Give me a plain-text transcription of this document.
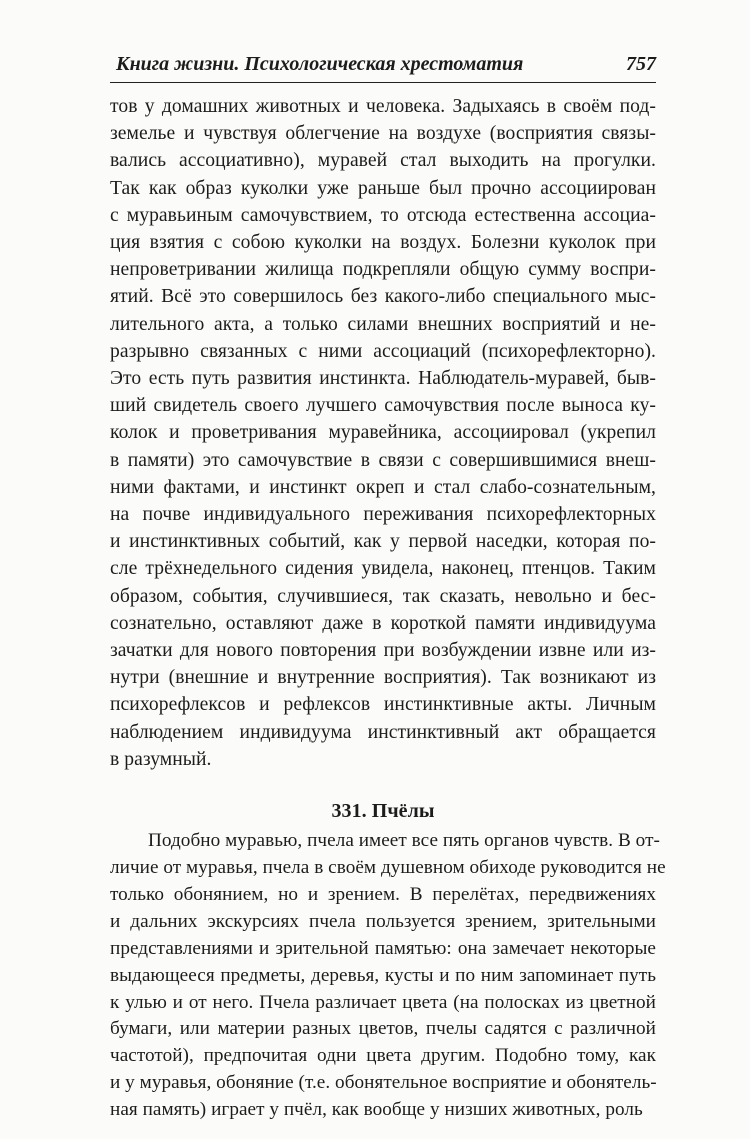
Книга жизни. Психологическая хрестоматия	757
тов у домашних животных и человека. Задыхаясь в своём под-
земелье и чувствуя облегчение на воздухе (восприятия связы-
вались ассоциативно), муравей стал выходить на прогулки.
Так как образ куколки уже раньше был прочно ассоциирован
с муравьиным самочувствием, то отсюда естественна ассоциа-
ция взятия с собою куколки на воздух. Болезни куколок при
непроветривании жилища подкрепляли общую сумму воспри-
ятий. Всё это совершилось без какого-либо специального мыс-
лительного акта, а только силами внешних восприятий и не-
разрывно связанных с ними ассоциаций (психорефлекторно).
Это есть путь развития инстинкта. Наблюдатель-муравей, быв-
ший свидетель своего лучшего самочувствия после выноса ку-
колок и проветривания муравейника, ассоциировал (укрепил
в памяти) это самочувствие в связи с совершившимися внеш-
ними фактами, и инстинкт окреп и стал слабо-сознательным,
на почве индивидуального переживания психорефлекторных
и инстинктивных событий, как у первой наседки, которая по-
сле трёхнедельного сидения увидела, наконец, птенцов. Таким
образом, события, случившиеся, так сказать, невольно и бес-
сознательно, оставляют даже в короткой памяти индивидуума
зачатки для нового повторения при возбуждении извне или из-
нутри (внешние и внутренние восприятия). Так возникают из
психорефлексов и рефлексов инстинктивные акты. Личным
наблюдением индивидуума инстинктивный акт обращается
в разумный.
331. Пчёлы
Подобно муравью, пчела имеет все пять органов чувств. В от-
личие от муравья, пчела в своём душевном обиходе руководится не
только обонянием, но и зрением. В перелётах, передвижениях
и дальних экскурсиях пчела пользуется зрением, зрительными
представлениями и зрительной памятью: она замечает некоторые
выдающееся предметы, деревья, кусты и по ним запоминает путь
к улью и от него. Пчела различает цвета (на полосках из цветной
бумаги, или материи разных цветов, пчелы садятся с различной
частотой), предпочитая одни цвета другим. Подобно тому, как
и у муравья, обоняние (т.е. обонятельное восприятие и обонятель-
ная память) играет у пчёл, как вообще у низших животных, роль
